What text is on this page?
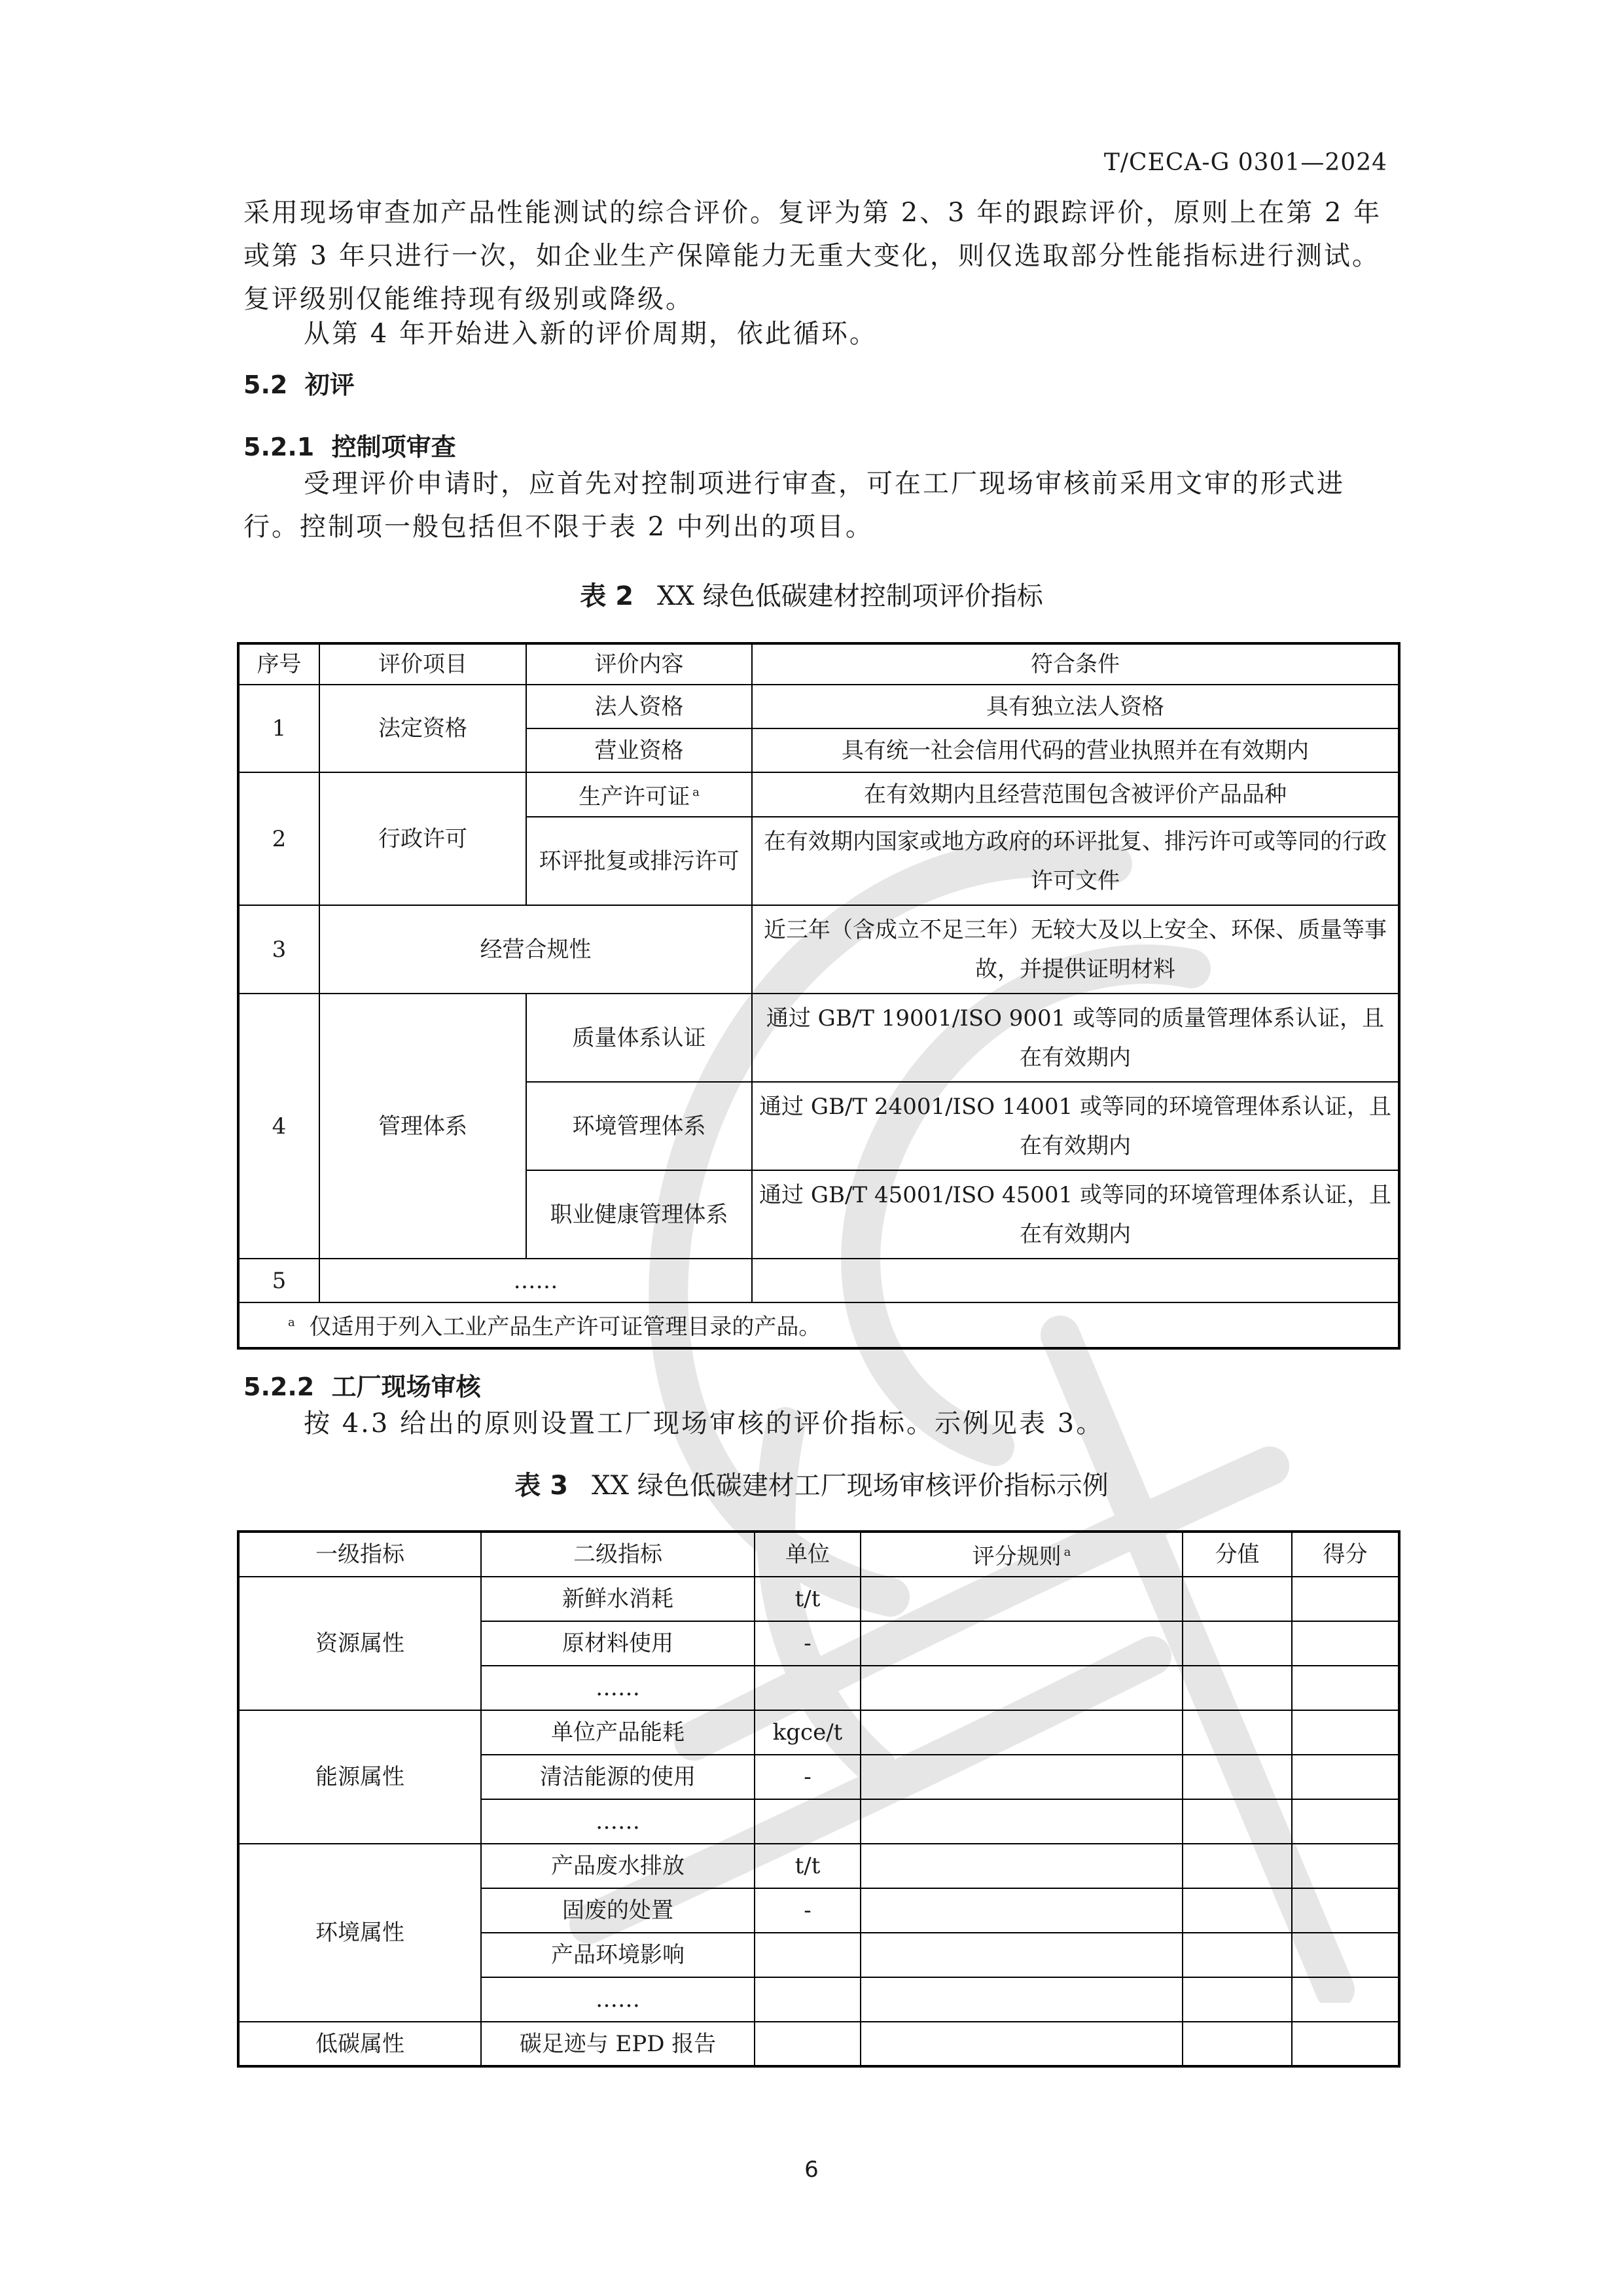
T/CECA-G 0301—2024

采用现场审查加产品性能测试的综合评价。复评为第 2、3 年的跟踪评价，原则上在第 2 年或第 3 年只进行一次，如企业生产保障能力无重大变化，则仅选取部分性能指标进行测试。复评级别仅能维持现有级别或降级。

从第 4 年开始进入新的评价周期，依此循环。

5.2 初评
5.2.1 控制项审查

受理评价申请时，应首先对控制项进行审查，可在工厂现场审核前采用文审的形式进行。控制项一般包括但不限于表 2 中列出的项目。

表 2 XX 绿色低碳建材控制项评价指标

序号	评价项目	评价内容	符合条件
1	法定资格	法人资格	具有独立法人资格
		营业资格	具有统一社会信用代码的营业执照并在有效期内
2	行政许可	生产许可证 $^a$	在有效期内且经营范围包含被评价产品品种
		环评批复或排污许可	在有效期内国家或地方政府的环评批复、排污许可或等同的行政许可文件
3	经营合规性		近三年（含成立不足三年）无较大及以上安全、环保、质量等事故，并提供证明材料
4	管理体系	质量体系认证	通过 GB/T 19001/ISO 9001 或等同的质量管理体系认证，且在有效期内
		环境管理体系	通过 GB/T 24001/ISO 14001 或等同的环境管理体系认证，且在有效期内
		职业健康管理体系	通过 GB/T 45001/ISO 45001 或等同的环境管理体系认证，且在有效期内
5	……		
$^a$ 仅适用于列入工业产品生产许可证管理目录的产品。			
5.2.2 工厂现场审核

按 4.3 给出的原则设置工厂现场审核的评价指标。示例见表 3。

表 3 XX 绿色低碳建材工厂现场审核评价指标示例

一级指标	二级指标	单位	评分规则 $^a$	分值	得分
资源属性	新鲜水消耗	t/t			
	原材料使用	-			
	……				
能源属性	单位产品能耗	kgce/t			
	清洁能源的使用	-			
	……				
环境属性	产品废水排放	t/t			
	固废的处置	-			
	产品环境影响				
	……				
低碳属性	碳足迹与 EPD 报告				
6
